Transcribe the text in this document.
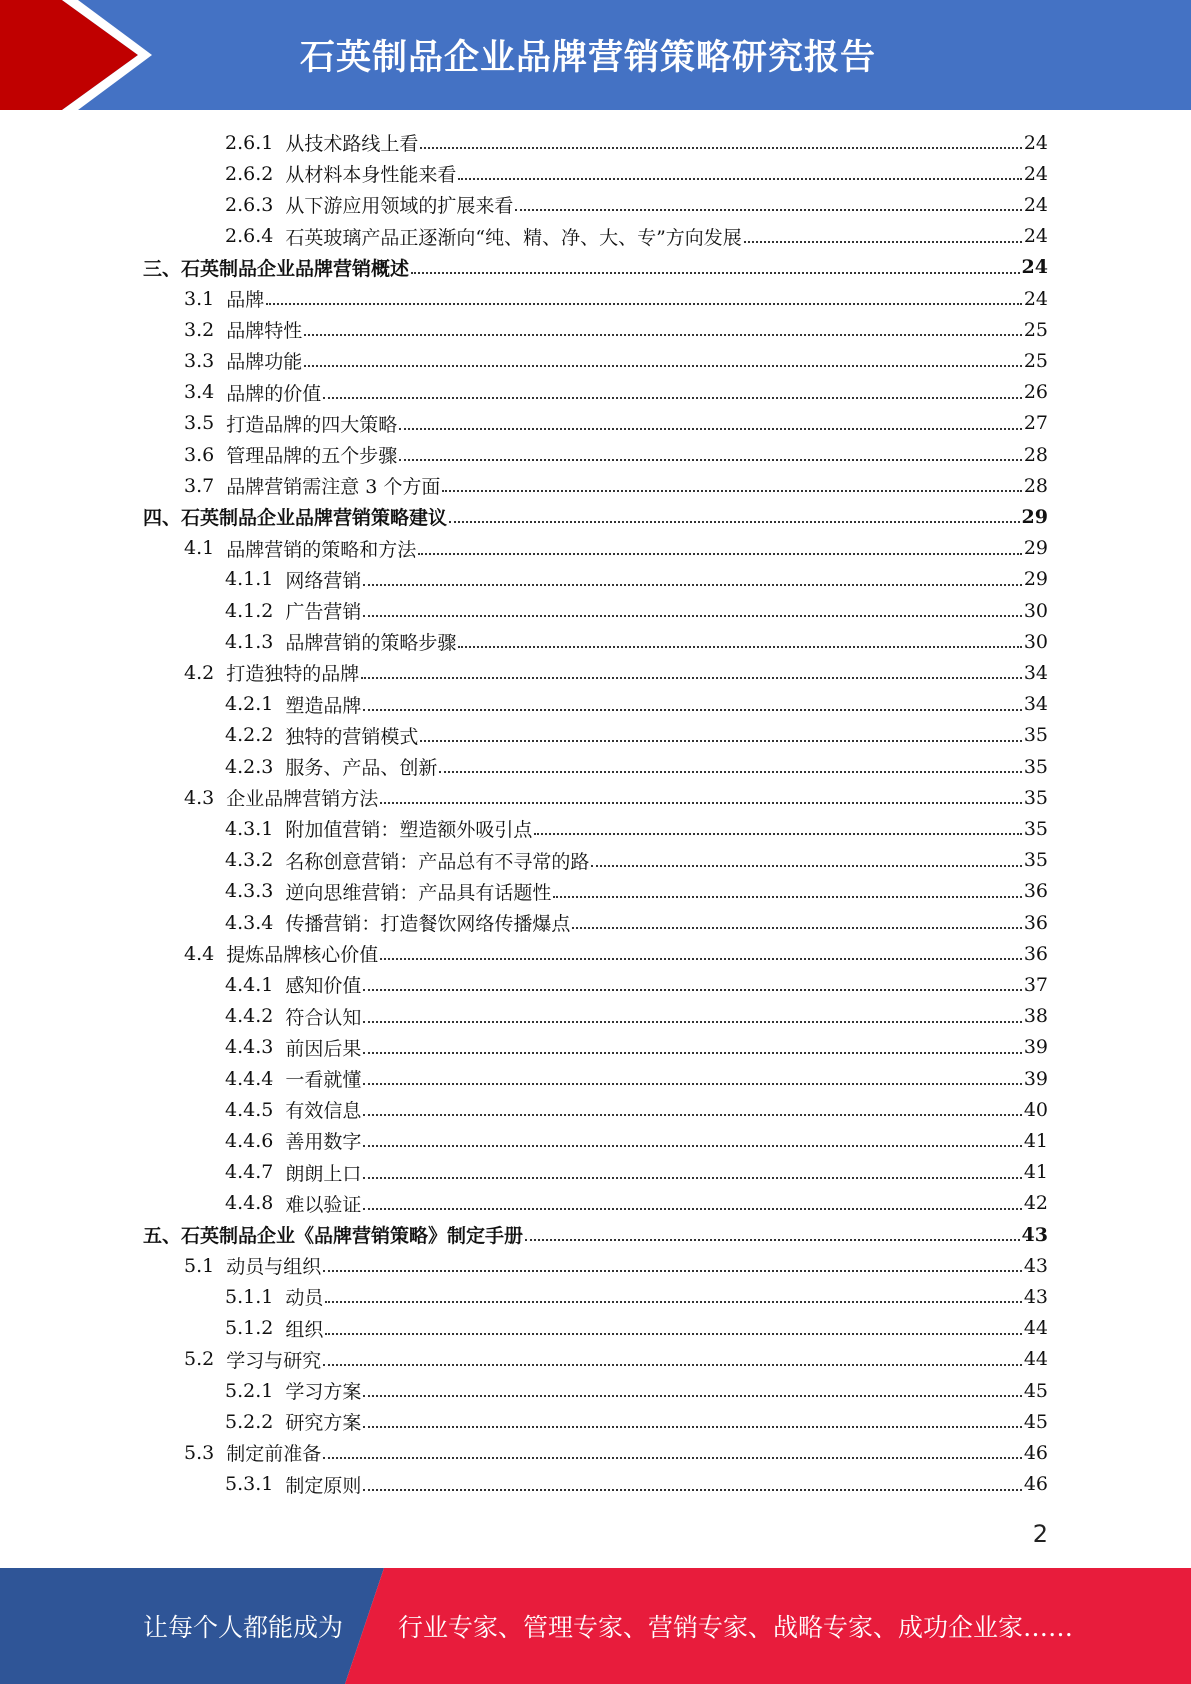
石英制品企业品牌营销策略研究报告
2.6.1 从技术路线上看	24
2.6.2 从材料本身性能来看	24
2.6.3 从下游应用领域的扩展来看	24
2.6.4 石英玻璃产品正逐渐向“纯、精、净、大、专”方向发展	24
三、石英制品企业品牌营销概述	24
3.1 品牌	24
3.2 品牌特性	25
3.3 品牌功能	25
3.4 品牌的价值	26
3.5 打造品牌的四大策略	27
3.6 管理品牌的五个步骤	28
3.7 品牌营销需注意 3 个方面	28
四、石英制品企业品牌营销策略建议	29
4.1 品牌营销的策略和方法	29
4.1.1 网络营销	29
4.1.2 广告营销	30
4.1.3 品牌营销的策略步骤	30
4.2 打造独特的品牌	34
4.2.1 塑造品牌	34
4.2.2 独特的营销模式	35
4.2.3 服务、产品、创新	35
4.3 企业品牌营销方法	35
4.3.1 附加值营销：塑造额外吸引点	35
4.3.2 名称创意营销：产品总有不寻常的路	35
4.3.3 逆向思维营销：产品具有话题性	36
4.3.4 传播营销：打造餐饮网络传播爆点	36
4.4 提炼品牌核心价值	36
4.4.1 感知价值	37
4.4.2 符合认知	38
4.4.3 前因后果	39
4.4.4 一看就懂	39
4.4.5 有效信息	40
4.4.6 善用数字	41
4.4.7 朗朗上口	41
4.4.8 难以验证	42
五、石英制品企业《品牌营销策略》制定手册	43
5.1 动员与组织	43
5.1.1 动员	43
5.1.2 组织	44
5.2 学习与研究	44
5.2.1 学习方案	45
5.2.2 研究方案	45
5.3 制定前准备	46
5.3.1 制定原则	46
2
让每个人都能成为 行业专家、管理专家、营销专家、战略专家、成功企业家……
